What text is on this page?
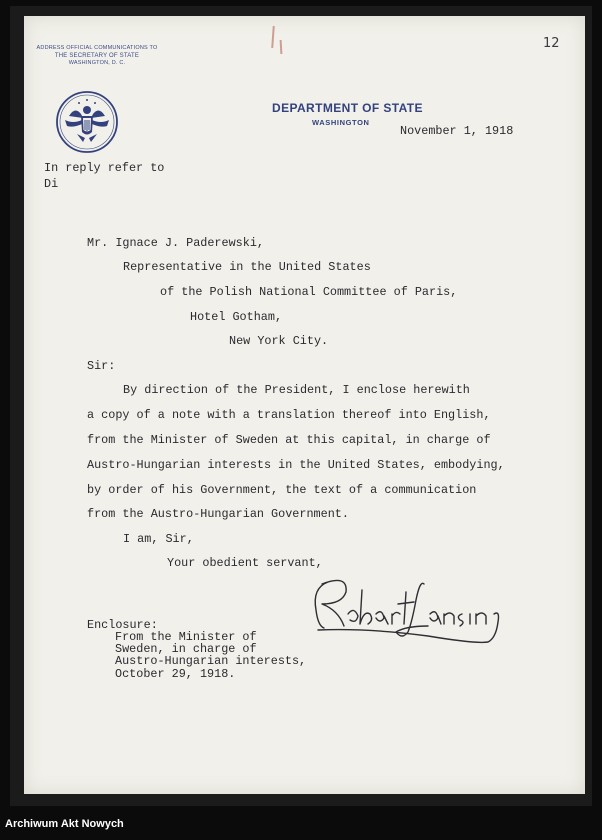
12
ADDRESS OFFICIAL COMMUNICATIONS TO
THE SECRETARY OF STATE
WASHINGTON, D. C.
DEPARTMENT OF STATE
WASHINGTON
November 1, 1918
In reply refer to
Di
Mr. Ignace J. Paderewski,
Representative in the United States
of the Polish National Committee of Paris,
Hotel Gotham,
New York City.
Sir:
By direction of the President, I enclose herewith
a copy of a note with a translation thereof into English,
from the Minister of Sweden at this capital, in charge of
Austro-Hungarian interests in the United States, embodying,
by order of his Government, the text of a communication
from the Austro-Hungarian Government.
I am, Sir,
Your obedient servant,
Enclosure:
From the Minister of
Sweden, in charge of
Austro-Hungarian interests,
October 29, 1918.
Archiwum Akt Nowych
